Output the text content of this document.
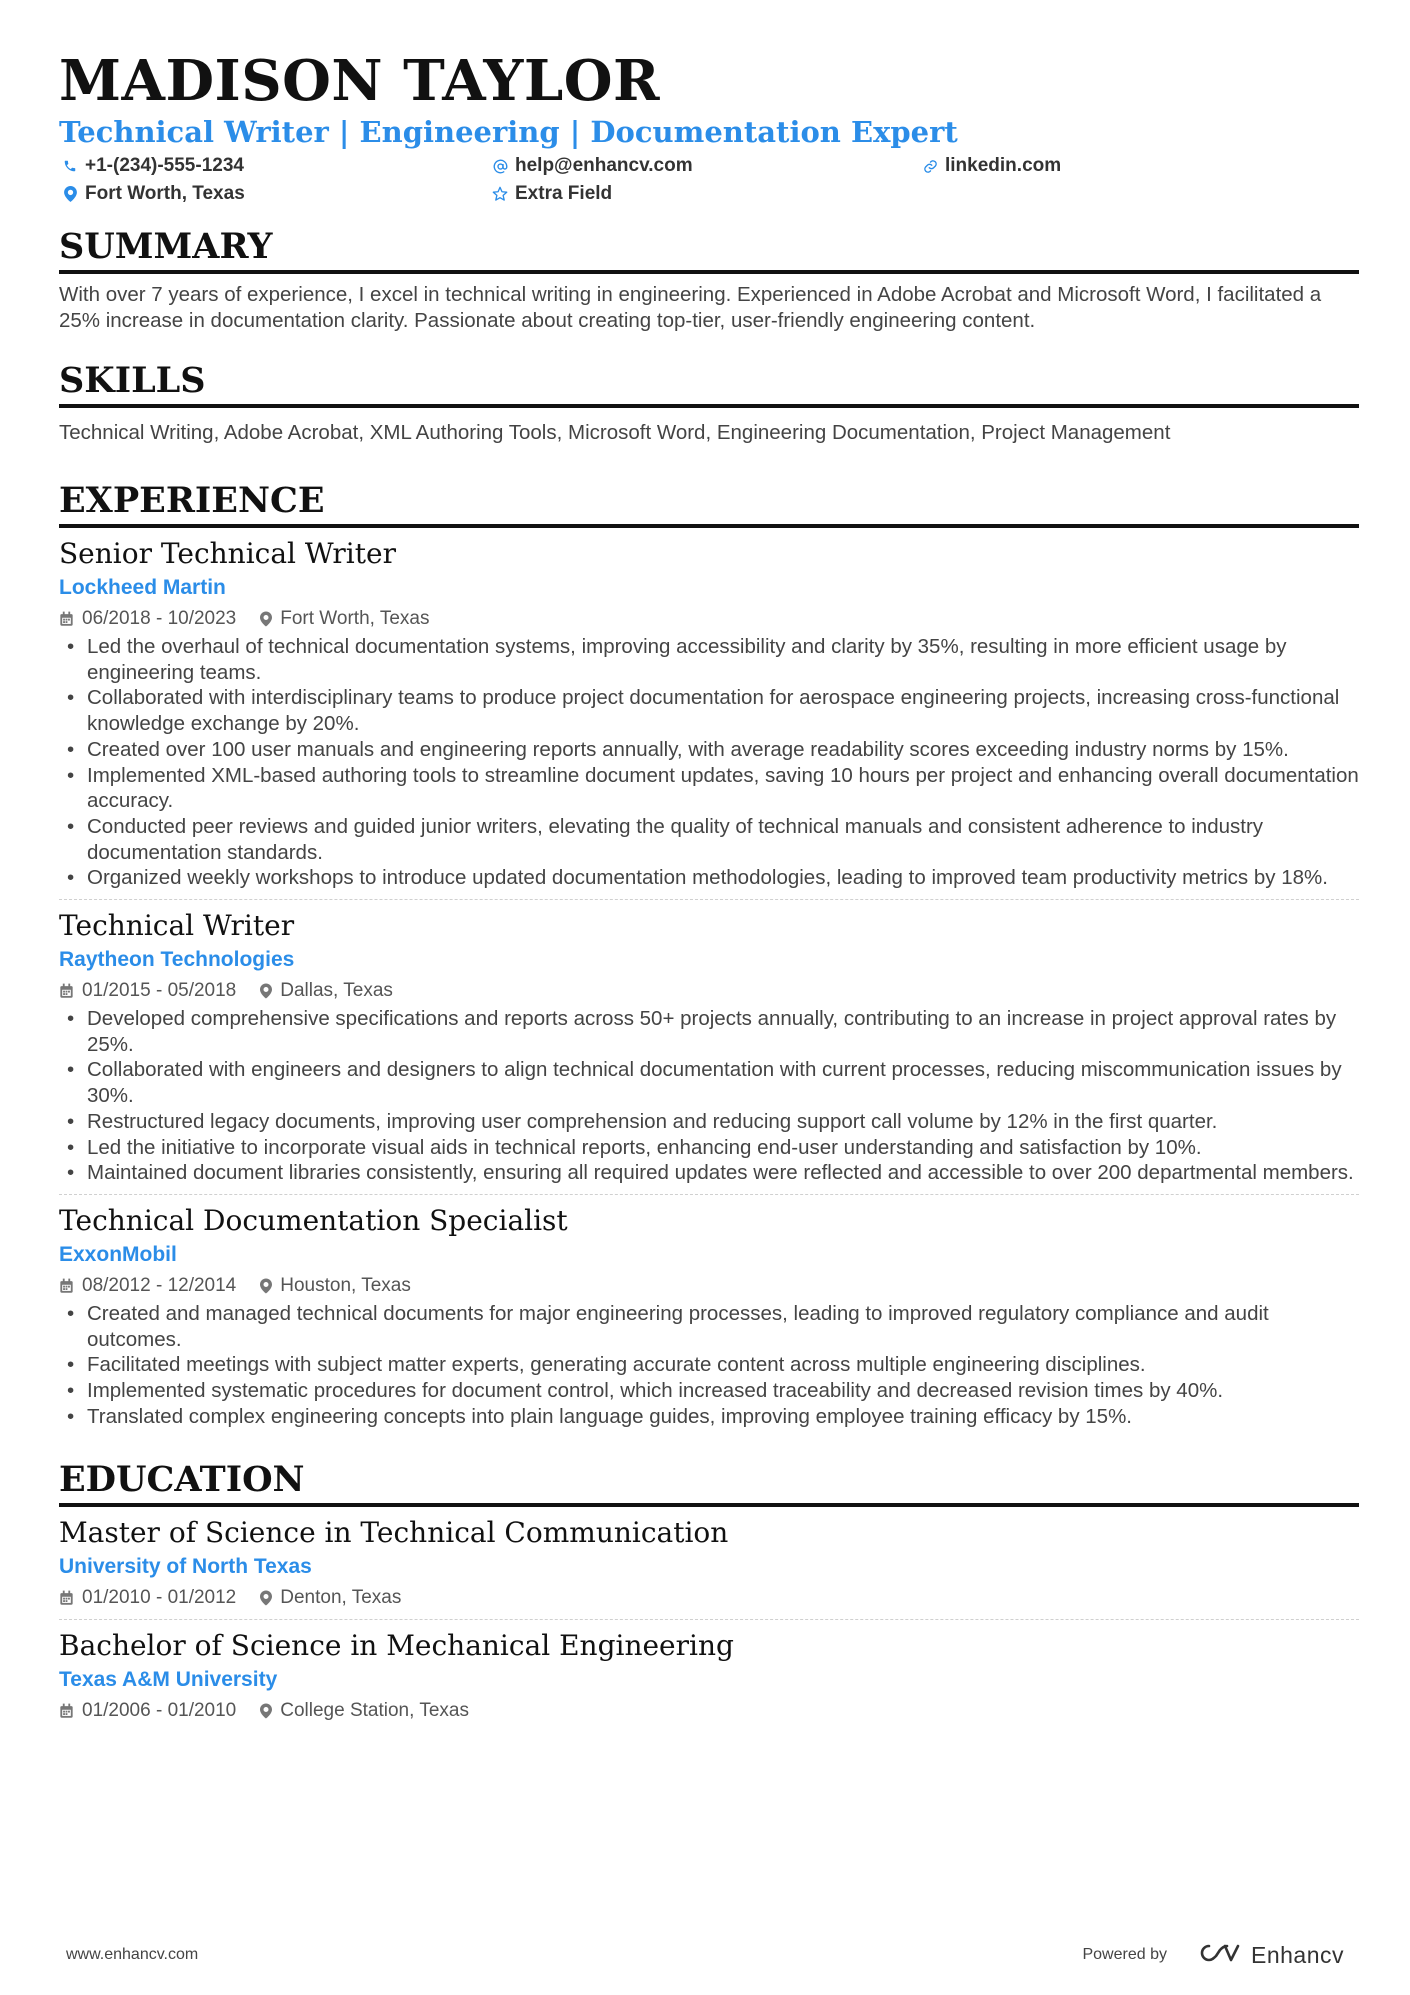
MADISON TAYLOR
Technical Writer | Engineering | Documentation Expert
+1-(234)-555-1234	help@enhancv.com	linkedin.com
Fort Worth, Texas	Extra Field
SUMMARY
With over 7 years of experience, I excel in technical writing in engineering. Experienced in Adobe Acrobat and Microsoft Word, I facilitated a 25% increase in documentation clarity. Passionate about creating top-tier, user-friendly engineering content.
SKILLS
Technical Writing, Adobe Acrobat, XML Authoring Tools, Microsoft Word, Engineering Documentation, Project Management
EXPERIENCE
Senior Technical Writer
Lockheed Martin
06/2018 - 10/2023 Fort Worth, Texas
• Led the overhaul of technical documentation systems, improving accessibility and clarity by 35%, resulting in more efficient usage by engineering teams.
• Collaborated with interdisciplinary teams to produce project documentation for aerospace engineering projects, increasing cross-functional knowledge exchange by 20%.
• Created over 100 user manuals and engineering reports annually, with average readability scores exceeding industry norms by 15%.
• Implemented XML-based authoring tools to streamline document updates, saving 10 hours per project and enhancing overall documentation accuracy.
• Conducted peer reviews and guided junior writers, elevating the quality of technical manuals and consistent adherence to industry documentation standards.
• Organized weekly workshops to introduce updated documentation methodologies, leading to improved team productivity metrics by 18%.
Technical Writer
Raytheon Technologies
01/2015 - 05/2018 Dallas, Texas
• Developed comprehensive specifications and reports across 50+ projects annually, contributing to an increase in project approval rates by 25%.
• Collaborated with engineers and designers to align technical documentation with current processes, reducing miscommunication issues by 30%.
• Restructured legacy documents, improving user comprehension and reducing support call volume by 12% in the first quarter.
• Led the initiative to incorporate visual aids in technical reports, enhancing end-user understanding and satisfaction by 10%.
• Maintained document libraries consistently, ensuring all required updates were reflected and accessible to over 200 departmental members.
Technical Documentation Specialist
ExxonMobil
08/2012 - 12/2014 Houston, Texas
• Created and managed technical documents for major engineering processes, leading to improved regulatory compliance and audit outcomes.
• Facilitated meetings with subject matter experts, generating accurate content across multiple engineering disciplines.
• Implemented systematic procedures for document control, which increased traceability and decreased revision times by 40%.
• Translated complex engineering concepts into plain language guides, improving employee training efficacy by 15%.
EDUCATION
Master of Science in Technical Communication
University of North Texas
01/2010 - 01/2012 Denton, Texas
Bachelor of Science in Mechanical Engineering
Texas A&M University
01/2006 - 01/2010 College Station, Texas
www.enhancv.com	Powered by	Enhancv
